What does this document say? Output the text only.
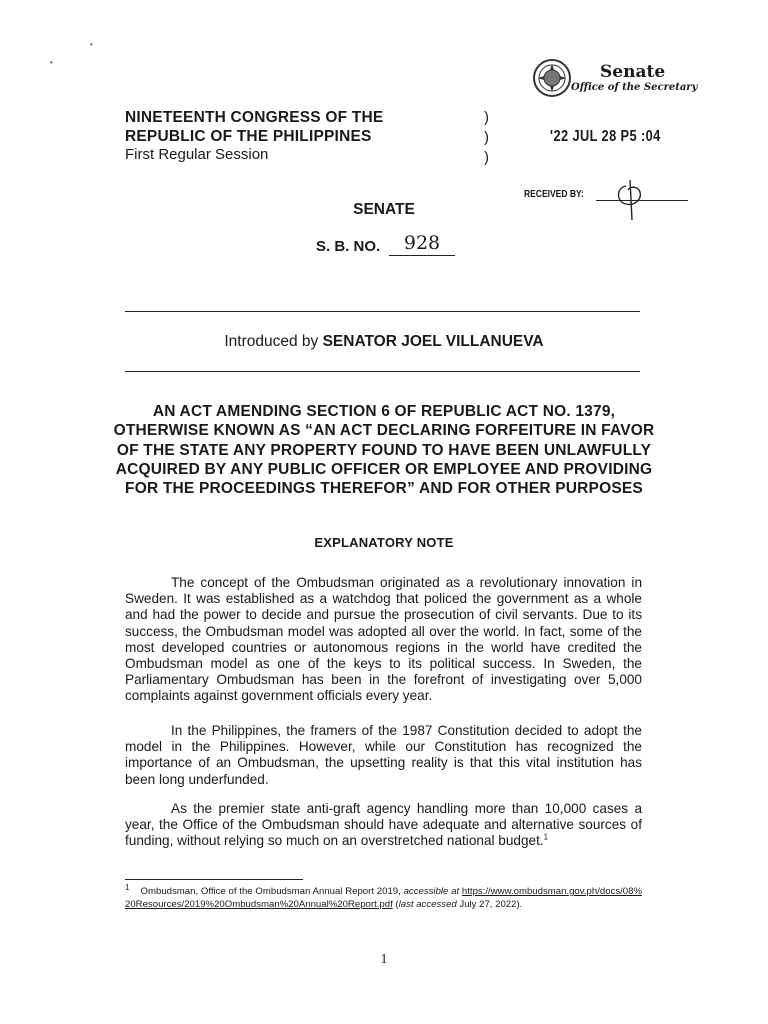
•
•
NINETEENTH CONGRESS OF THE
REPUBLIC OF THE PHILIPPINES
First Regular Session
)
)
)
Senate
Office of the Secretary
'22 JUL 28 P5 :04
RECEIVED BY:
SENATE
S. B. NO.	928
Introduced by SENATOR JOEL VILLANUEVA
AN ACT AMENDING SECTION 6 OF REPUBLIC ACT NO. 1379, OTHERWISE KNOWN AS “AN ACT DECLARING FORFEITURE IN FAVOR OF THE STATE ANY PROPERTY FOUND TO HAVE BEEN UNLAWFULLY ACQUIRED BY ANY PUBLIC OFFICER OR EMPLOYEE AND PROVIDING FOR THE PROCEEDINGS THEREFOR” AND FOR OTHER PURPOSES
EXPLANATORY NOTE
The concept of the Ombudsman originated as a revolutionary innovation in Sweden. It was established as a watchdog that policed the government as a whole and had the power to decide and pursue the prosecution of civil servants. Due to its success, the Ombudsman model was adopted all over the world. In fact, some of the most developed countries or autonomous regions in the world have credited the Ombudsman model as one of the keys to its political success. In Sweden, the Parliamentary Ombudsman has been in the forefront of investigating over 5,000 complaints against government officials every year.
In the Philippines, the framers of the 1987 Constitution decided to adopt the model in the Philippines. However, while our Constitution has recognized the importance of an Ombudsman, the upsetting reality is that this vital institution has been long underfunded.
As the premier state anti-graft agency handling more than 10,000 cases a year, the Office of the Ombudsman should have adequate and alternative sources of funding, without relying so much on an overstretched national budget.$^1$
$^1$ Ombudsman, Office of the Ombudsman Annual Report 2019, accessible at https://www.ombudsman.gov.ph/docs/08%20Resources/2019%20Ombudsman%20Annual%20Report.pdf (last accessed July 27, 2022).
1
